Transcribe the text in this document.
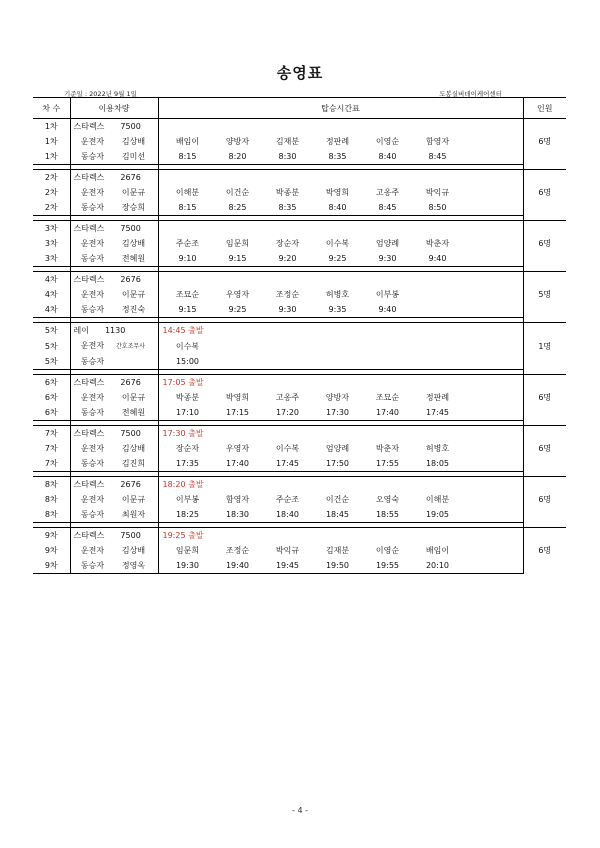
송영표
기준일 : 2022년 9월 1일	도봉실버데이케어센터
차 수	이용차량	탑승시간표	인원
1차	스타렉스 7500		6명
1차	운전자 김상배	배임이 양방자 김재분 정판례 이영순 함영자	
1차	동승자 김미선	8:15 8:20 8:30 8:35 8:40 8:45	

2차	스타렉스 2676		6명
2차	운전자 이문규	이해분 이건순 박종분 박영희 고옹주 박익규	
2차	동승자 장승희	8:15 8:25 8:35 8:40 8:45 8:50	

3차	스타렉스 7500		6명
3차	운전자 김상배	주순조 임문희 장순자 이수복 엄양례 박춘자	
3차	동승자 전혜원	9:10 9:15 9:20 9:25 9:30 9:40	

4차	스타렉스 2676		5명
4차	운전자 이문규	조묘순 우영자 조정순 허병호 이부봉	
4차	동승자 정진숙	9:15 9:25 9:30 9:35 9:40	

5차	레이 1130	14:45 출발	1명
5차	운전자 간호조무사	이수복	
5차	동승자	15:00	

6차	스타렉스 2676	17:05 출발	6명
6차	운전자 이문규	박종분 박영희 고옹주 양방자 조묘순 정판례	
6차	동승자 전혜원	17:10 17:15 17:20 17:30 17:40 17:45	

7차	스타렉스 7500	17:30 출발	6명
7차	운전자 김상배	장순자 우영자 이수복 엄양례 박춘자 허병호	
7차	동승자 김진희	17:35 17:40 17:45 17:50 17:55 18:05	

8차	스타렉스 2676	18:20 출발	6명
8차	운전자 이문규	이부봉 함영자 주순조 이건순 오영숙 이해분	
8차	동승자 최원자	18:25 18:30 18:40 18:45 18:55 19:05	

9차	스타렉스 7500	19:25 출발	6명
9차	운전자 김상배	임문희 조정순 박익규 김재분 이영순 배임이	
9차	동승자 정영옥	19:30 19:40 19:45 19:50 19:55 20:10	
- 4 -
